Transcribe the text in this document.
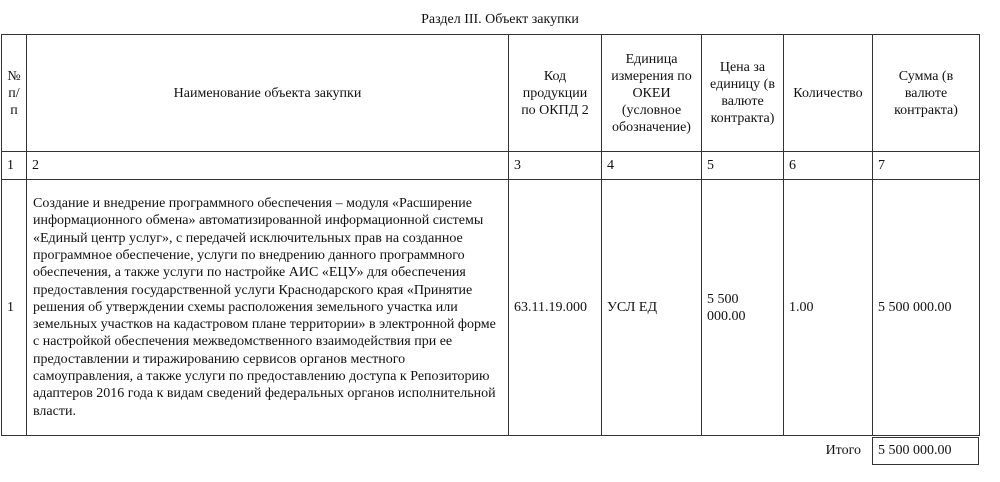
Раздел III. Объект закупки
№ п/п	Наименование объекта закупки	Код продукции по ОКПД 2	Единица измерения по ОКЕИ (условное обозначение)	Цена за единицу (в валюте контракта)	Количество	Сумма (в валюте контракта)
1	2	3	4	5	6	7
1	Создание и внедрение программного обеспечения – модуля «Расширение информационного обмена» автоматизированной информационной системы «Единый центр услуг», с передачей исключительных прав на созданное программное обеспечение, услуги по внедрению данного программного обеспечения, а также услуги по настройке АИС «ЕЦУ» для обеспечения предоставления государственной услуги Краснодарского края «Принятие решения об утверждении схемы расположения земельного участка или земельных участков на кадастровом плане территории» в электронной форме с настройкой обеспечения межведомственного взаимодействия при ее предоставлении и тиражированию сервисов органов местного самоуправления, а также услуги по предоставлению доступа к Репозиторию адаптеров 2016 года к видам сведений федеральных органов исполнительной власти.	63.11.19.000	УСЛ ЕД	5 500 000.00	1.00	5 500 000.00
Итого	5 500 000.00
